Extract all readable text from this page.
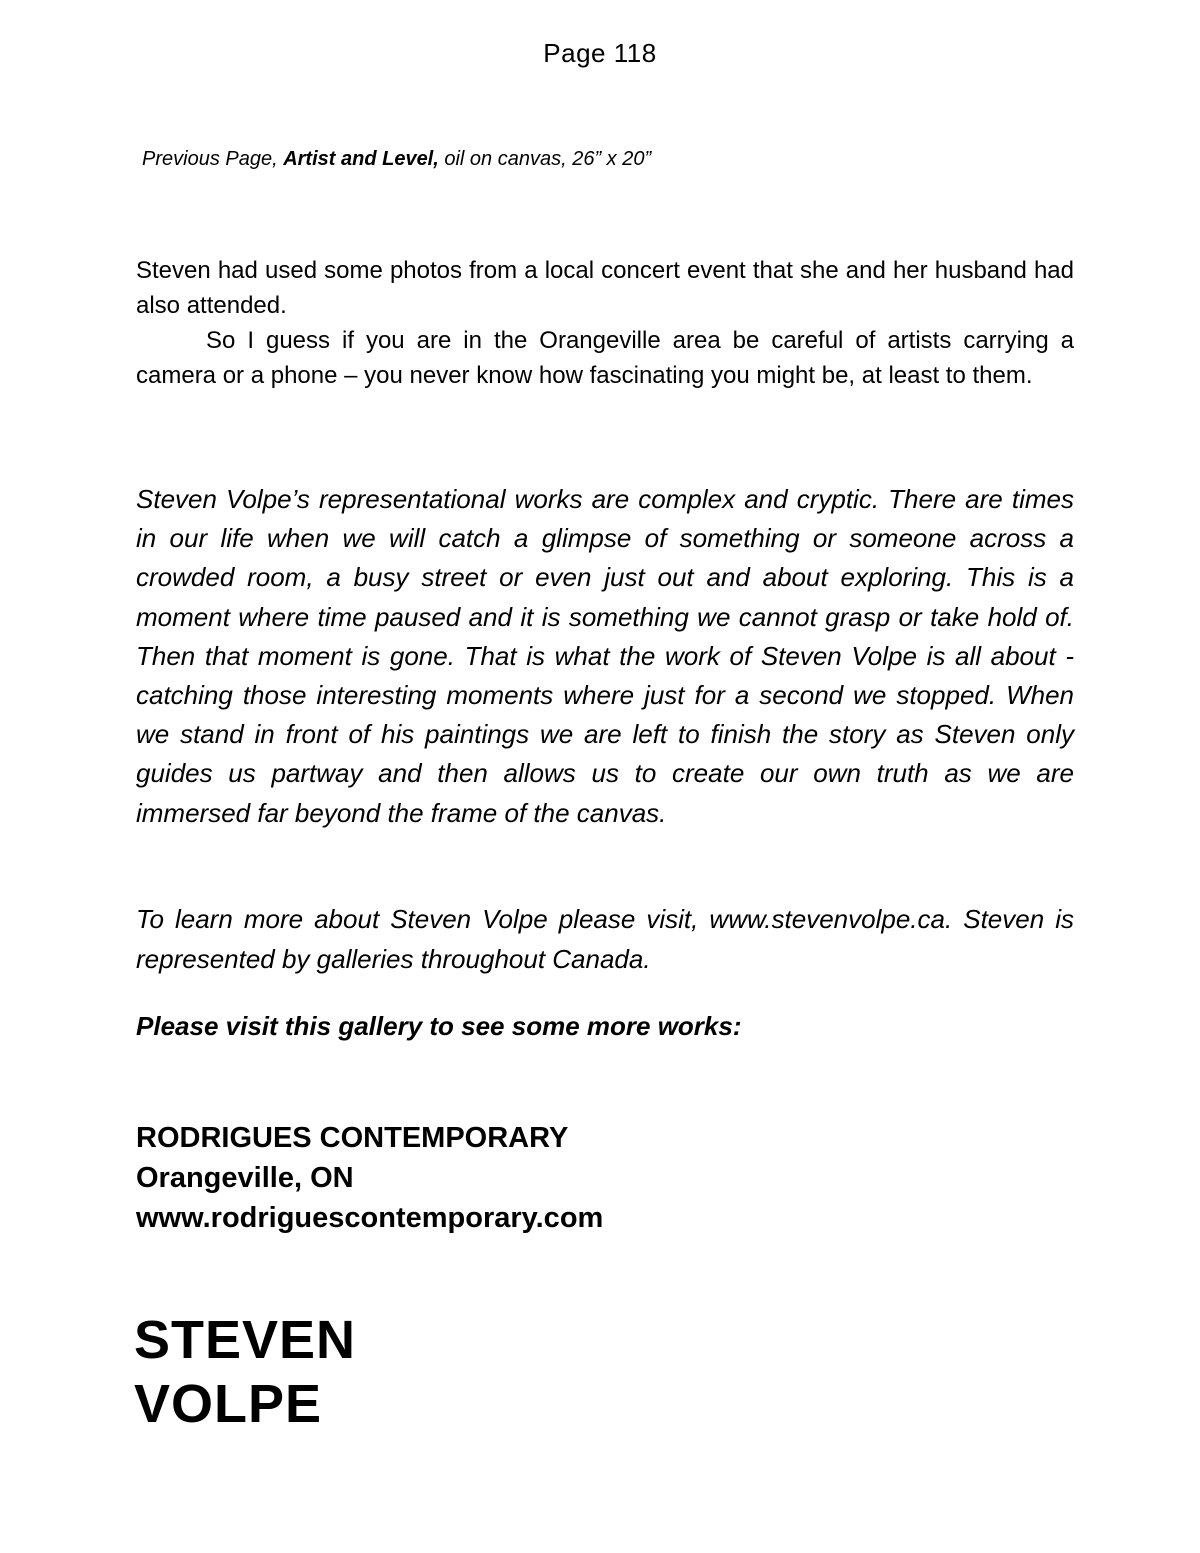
Page 118
Previous Page, Artist and Level, oil on canvas, 26” x 20”

Steven had used some photos from a local concert event that she and her husband had also attended.

So I guess if you are in the Orangeville area be careful of artists carrying a camera or a phone – you never know how fascinating you might be, at least to them.

Steven Volpe’s representational works are complex and cryptic. There are times in our life when we will catch a glimpse of something or someone across a crowded room, a busy street or even just out and about exploring. This is a moment where time paused and it is something we cannot grasp or take hold of. Then that moment is gone. That is what the work of Steven Volpe is all about - catching those interesting moments where just for a second we stopped. When we stand in front of his paintings we are left to finish the story as Steven only guides us partway and then allows us to create our own truth as we are immersed far beyond the frame of the canvas.

To learn more about Steven Volpe please visit, www.stevenvolpe.ca. Steven is represented by galleries throughout Canada.

Please visit this gallery to see some more works:

RODRIGUES CONTEMPORARY
Orangeville, ON
www.rodriguescontemporary.com
STEVEN
VOLPE
